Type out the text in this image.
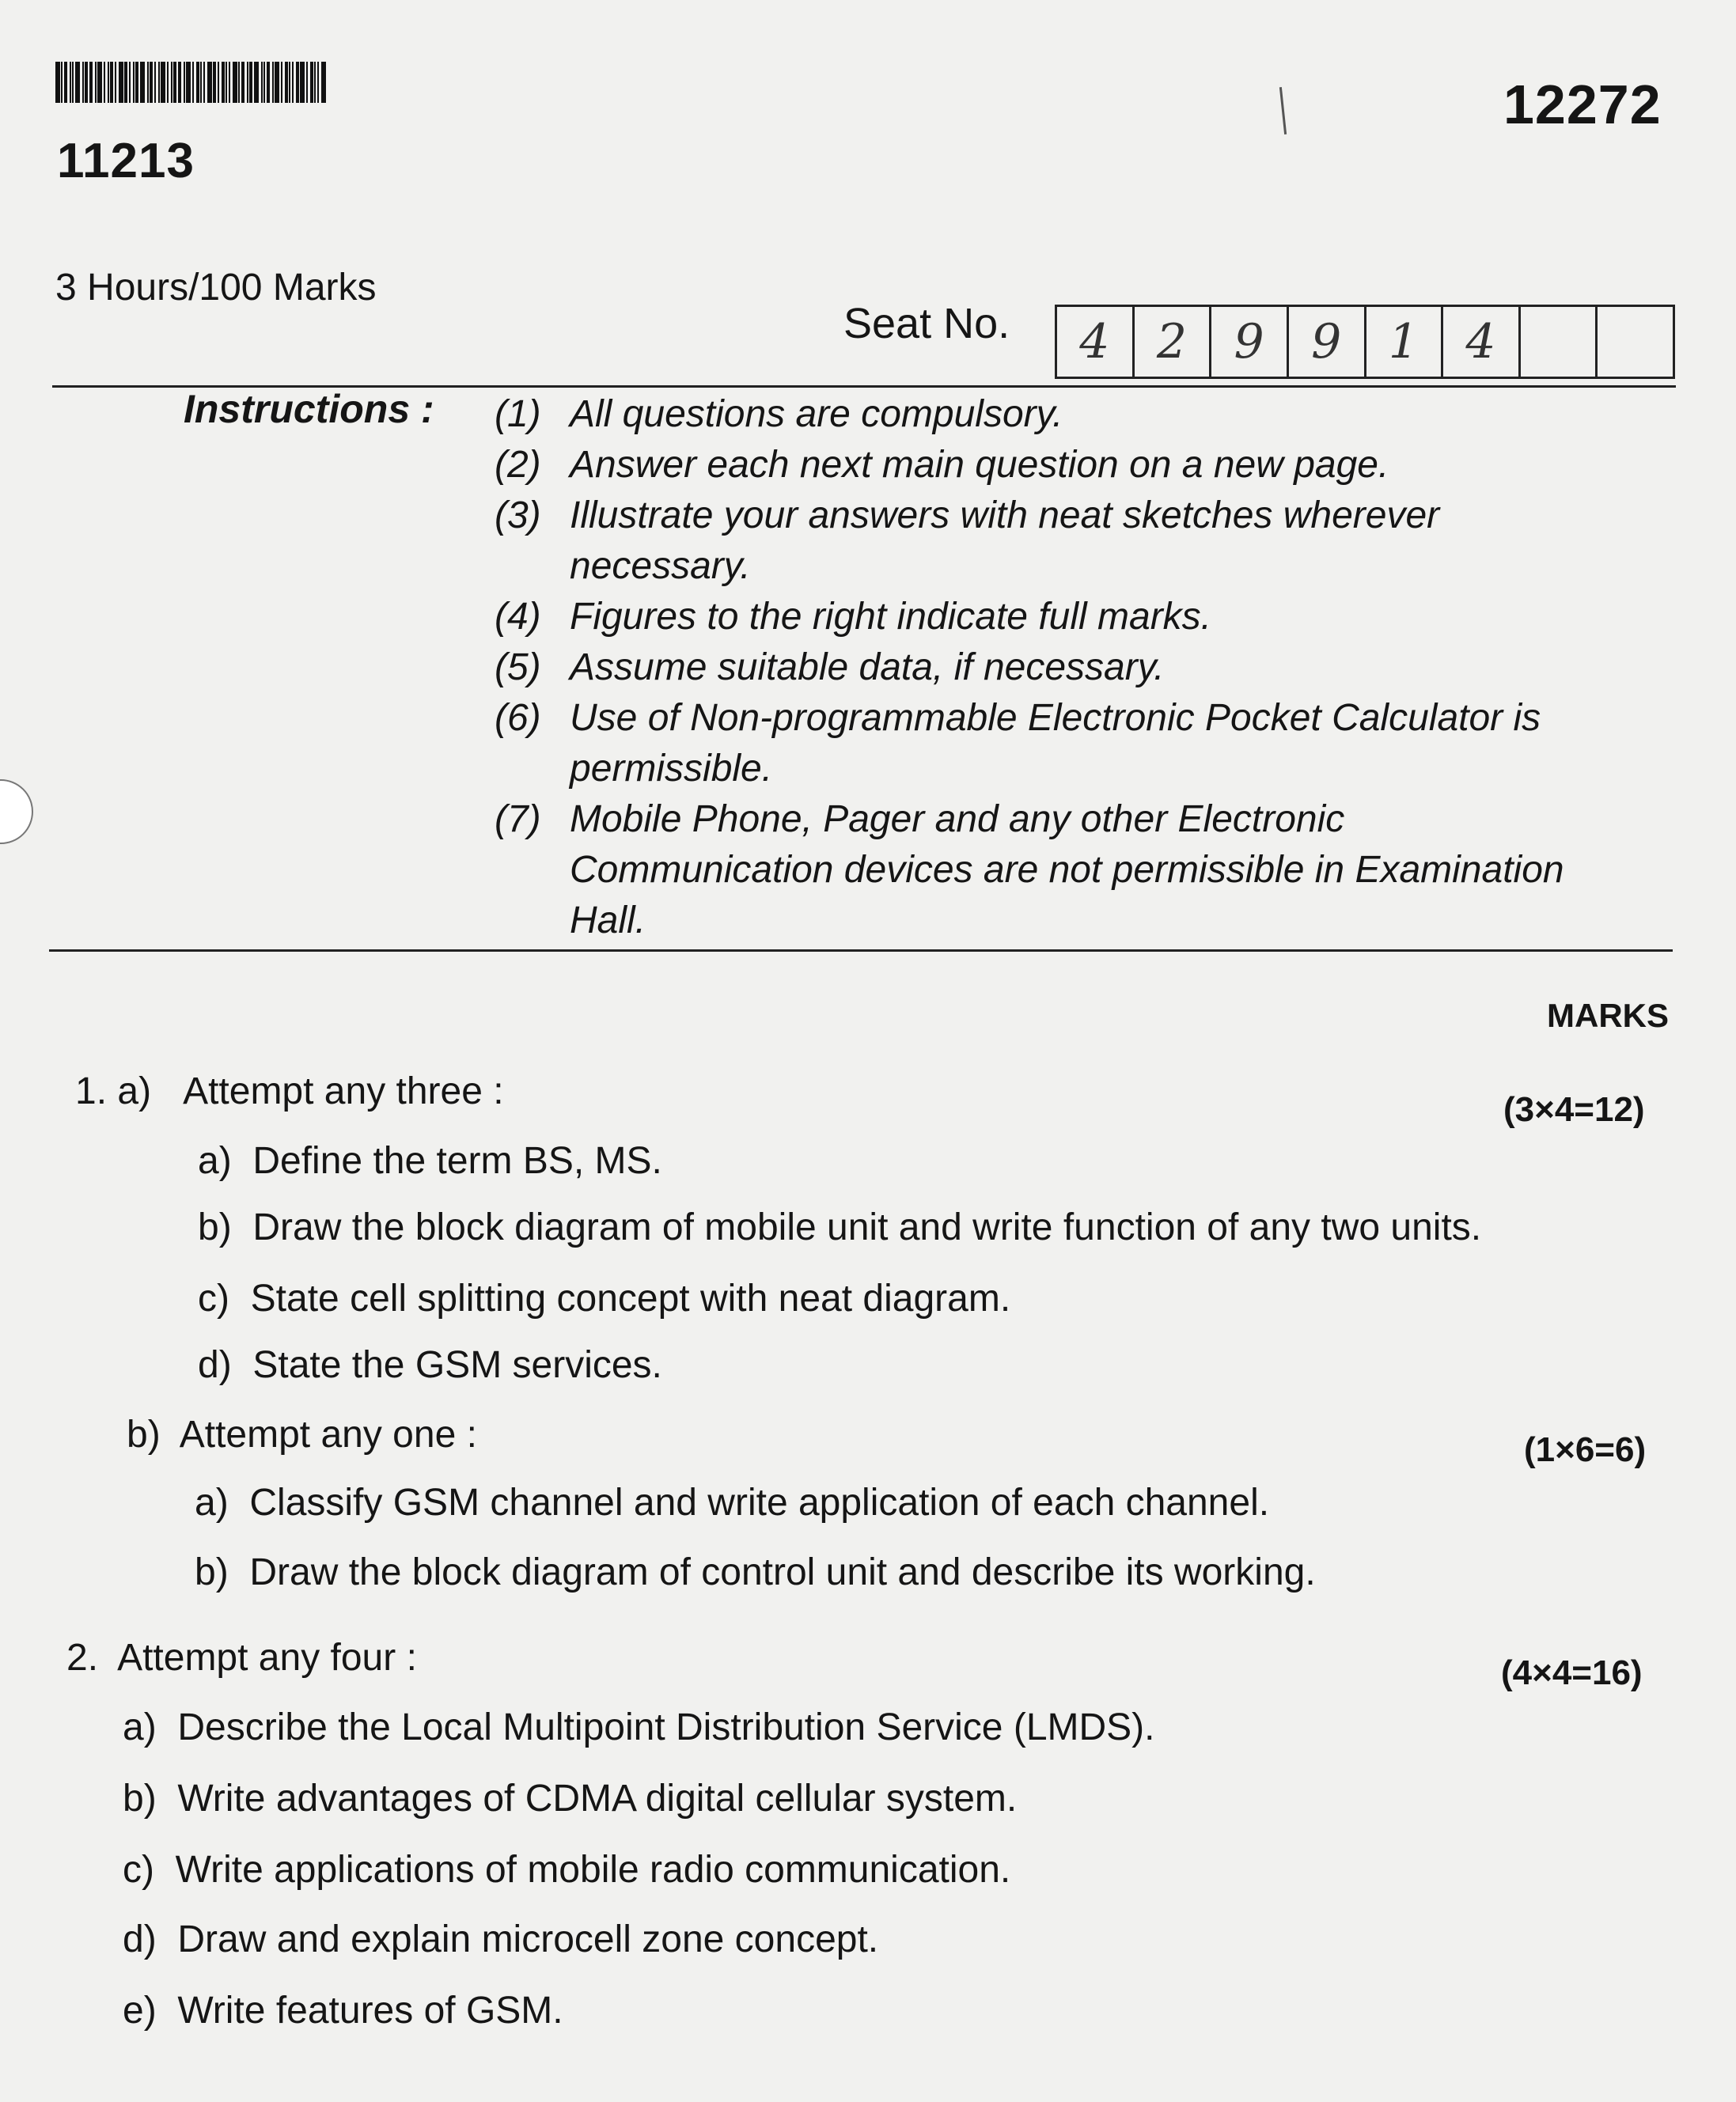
11213
12272
3 Hours/100 Marks
Seat No.	4 2 9 9 1 4
Instructions : (1) All questions are compulsory.
(2) Answer each next main question on a new page.
(3) Illustrate your answers with neat sketches wherever necessary.
(4) Figures to the right indicate full marks.
(5) Assume suitable data, if necessary.
(6) Use of Non-programmable Electronic Pocket Calculator is permissible.
(7) Mobile Phone, Pager and any other Electronic Communication devices are not permissible in Examination Hall.
MARKS
1. a) Attempt any three :	(3×4=12)
a) Define the term BS, MS.
b) Draw the block diagram of mobile unit and write function of any two units.
c) State cell splitting concept with neat diagram.
d) State the GSM services.
b) Attempt any one :	(1×6=6)
a) Classify GSM channel and write application of each channel.
b) Draw the block diagram of control unit and describe its working.
2. Attempt any four :	(4×4=16)
a) Describe the Local Multipoint Distribution Service (LMDS).
b) Write advantages of CDMA digital cellular system.
c) Write applications of mobile radio communication.
d) Draw and explain microcell zone concept.
e) Write features of GSM.
